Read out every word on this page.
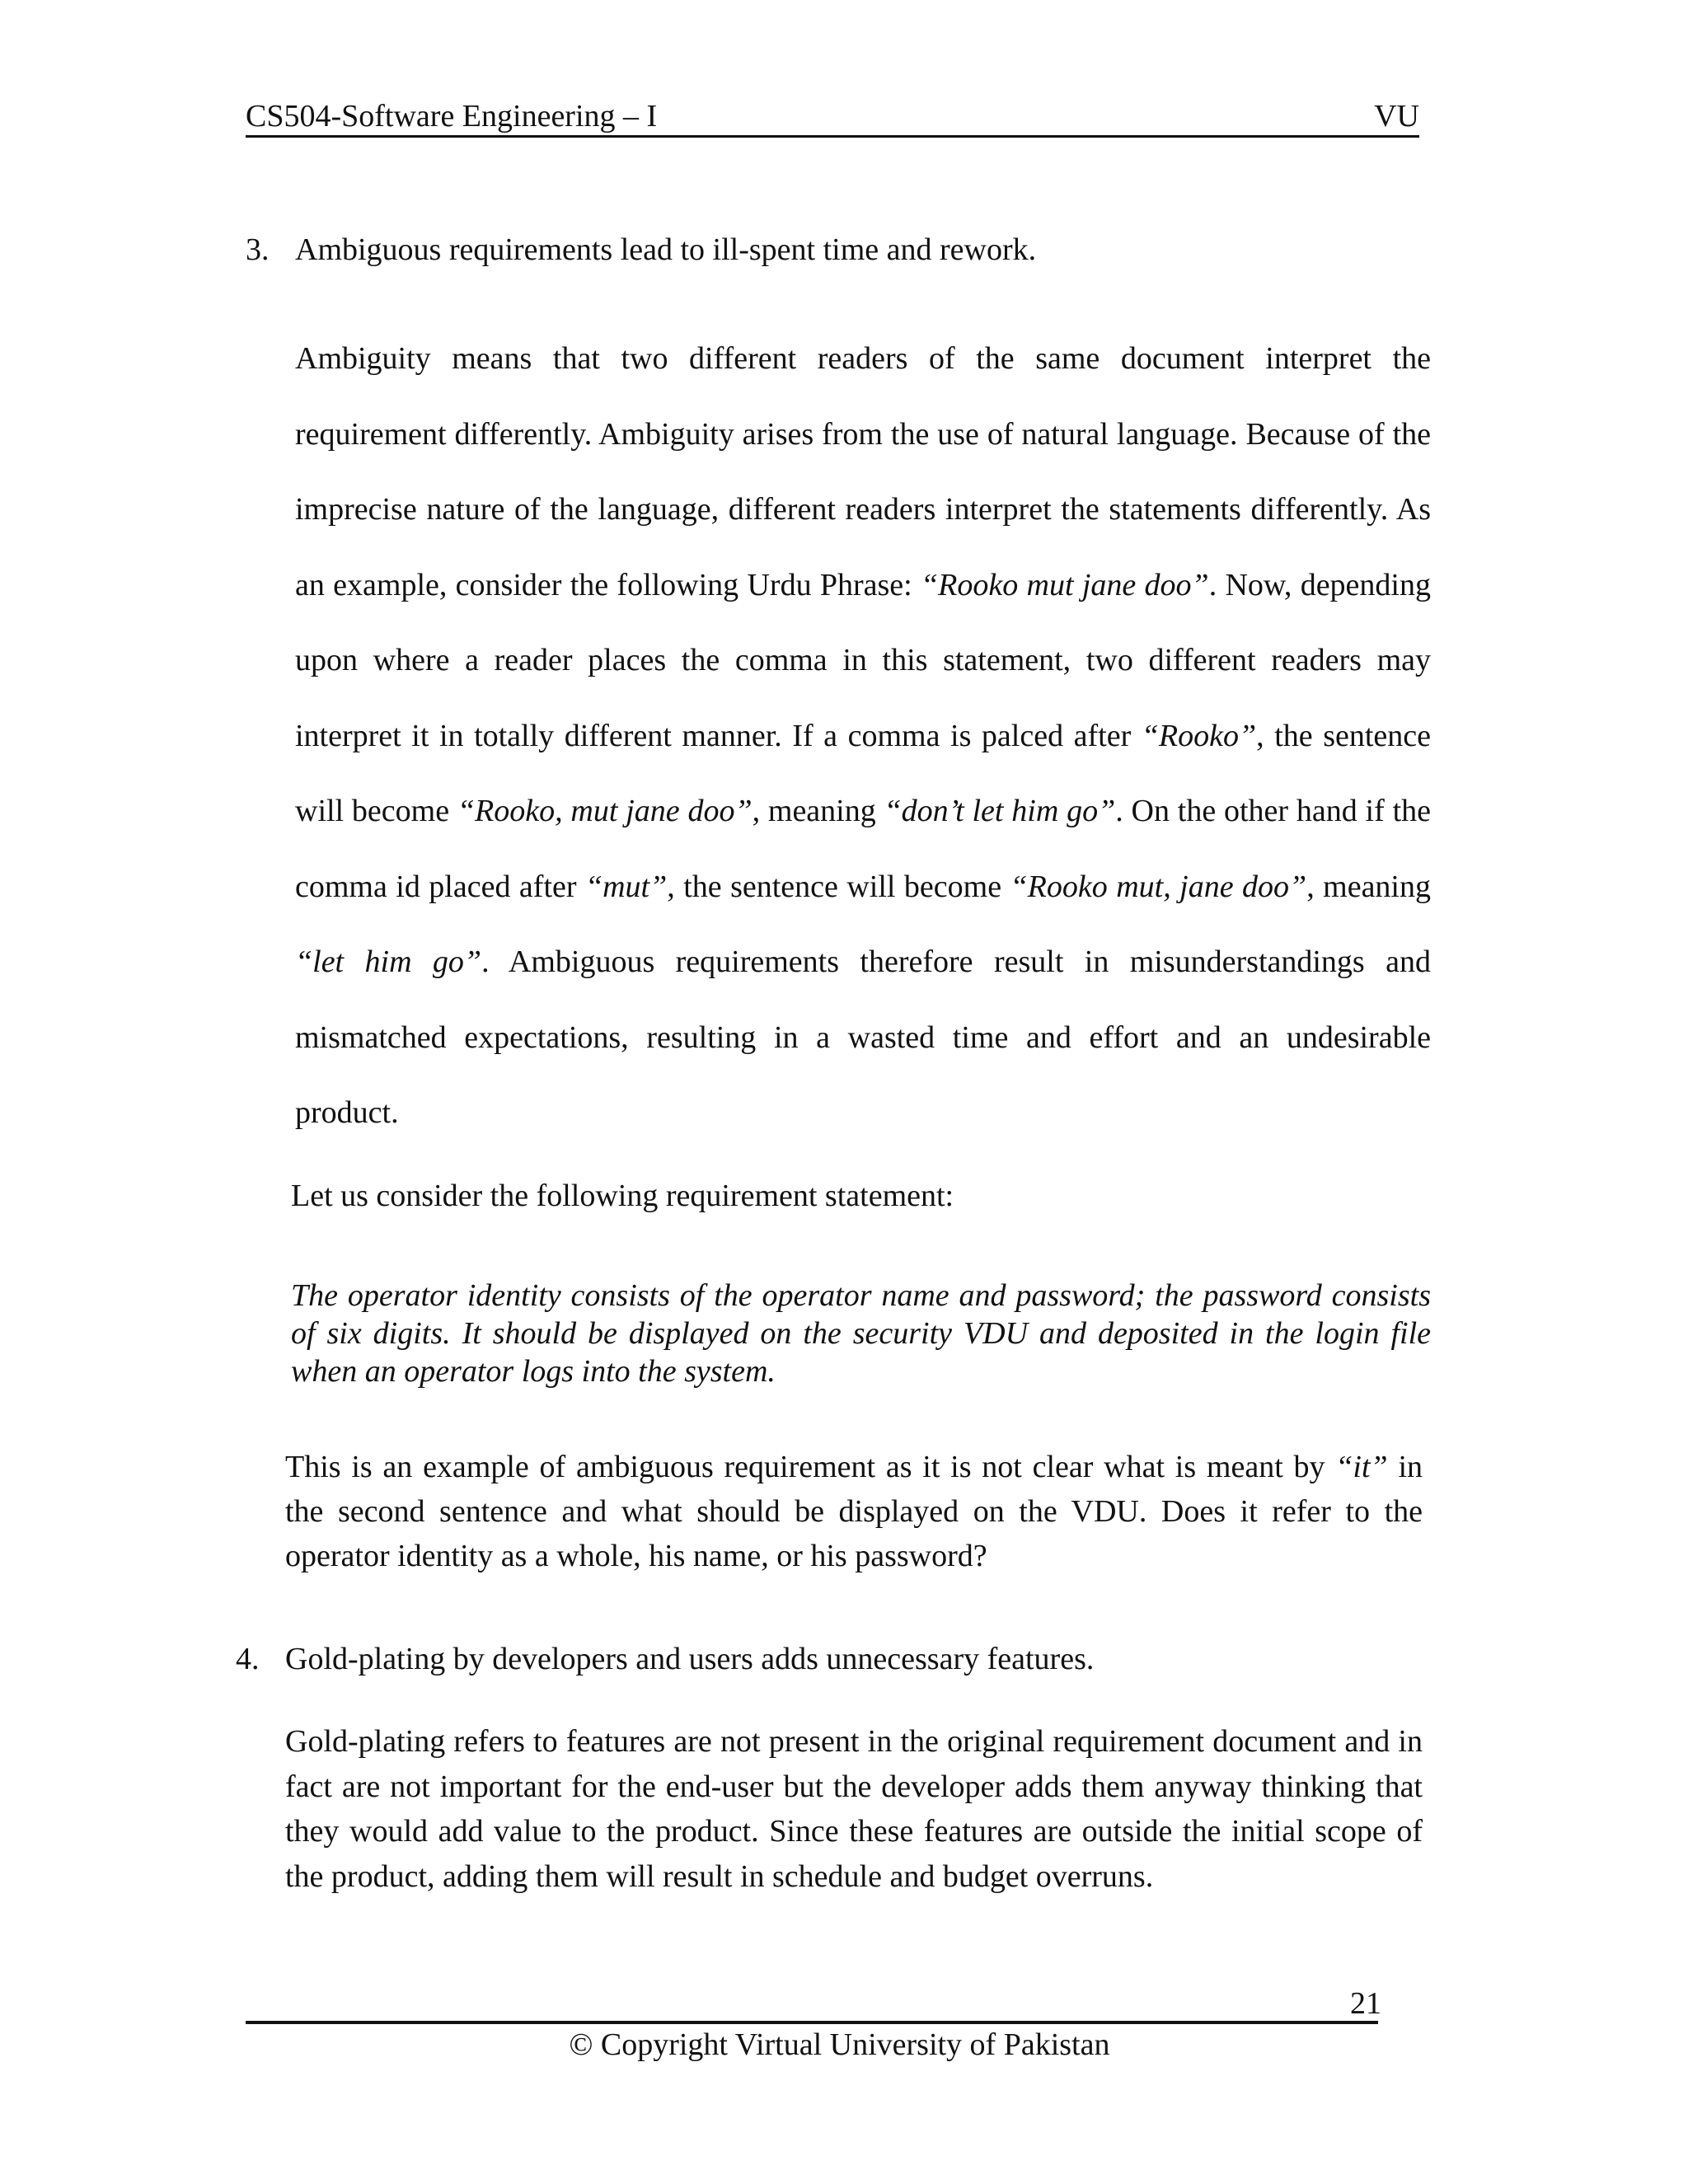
CS504-Software Engineering – I	VU
3. Ambiguous requirements lead to ill-spent time and rework.
Ambiguity means that two different readers of the same document interpret the requirement differently. Ambiguity arises from the use of natural language. Because of the imprecise nature of the language, different readers interpret the statements differently. As an example, consider the following Urdu Phrase: “Rooko mut jane doo”. Now, depending upon where a reader places the comma in this statement, two different readers may interpret it in totally different manner. If a comma is palced after “Rooko”, the sentence will become “Rooko, mut jane doo”, meaning “don’t let him go”. On the other hand if the comma id placed after “mut”, the sentence will become “Rooko mut, jane doo”, meaning “let him go”. Ambiguous requirements therefore result in misunderstandings and mismatched expectations, resulting in a wasted time and effort and an undesirable product.
Let us consider the following requirement statement:
The operator identity consists of the operator name and password; the password consists of six digits. It should be displayed on the security VDU and deposited in the login file when an operator logs into the system.
This is an example of ambiguous requirement as it is not clear what is meant by “it” in the second sentence and what should be displayed on the VDU. Does it refer to the operator identity as a whole, his name, or his password?
4. Gold-plating by developers and users adds unnecessary features.
Gold-plating refers to features are not present in the original requirement document and in fact are not important for the end-user but the developer adds them anyway thinking that they would add value to the product. Since these features are outside the initial scope of the product, adding them will result in schedule and budget overruns.
21
© Copyright Virtual University of Pakistan
